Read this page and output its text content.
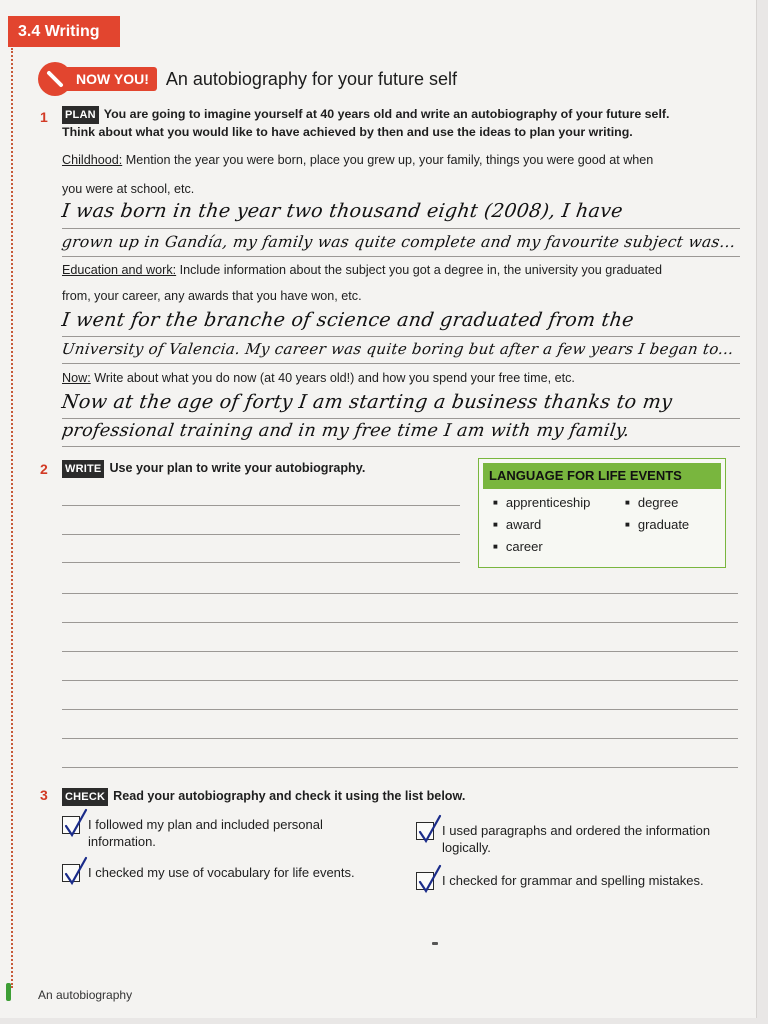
3.4 Writing
NOW YOU! An autobiography for your future self
1 PLAN You are going to imagine yourself at 40 years old and write an autobiography of your future self.
Think about what you would like to have achieved by then and use the ideas to plan your writing.
Childhood: Mention the year you were born, place you grew up, your family, things you were good at when
you were at school, etc.
I was born in the year two thousand eight (2008), I have
grown up in Gandía, my family was quite complete and my favourite subject was...
Education and work: Include information about the subject you got a degree in, the university you graduated
from, your career, any awards that you have won, etc.
I went for the branche of science and graduated from the
University of Valencia. My career was quite boring but after a few years I began to...
Now: Write about what you do now (at 40 years old!) and how you spend your free time, etc.
Now at the age of forty I am starting a business thanks to my
professional training and in my free time I am with my family.
2 WRITE Use your plan to write your autobiography.	LANGUAGE FOR LIFE EVENTS
■ apprenticeship
■ award
■ career
■ degree
■ graduate
3 CHECK Read your autobiography and check it using the list below.
I followed my plan and included personal
information.
I checked my use of vocabulary for life events.
I used paragraphs and ordered the information
logically.
I checked for grammar and spelling mistakes.
An autobiography
